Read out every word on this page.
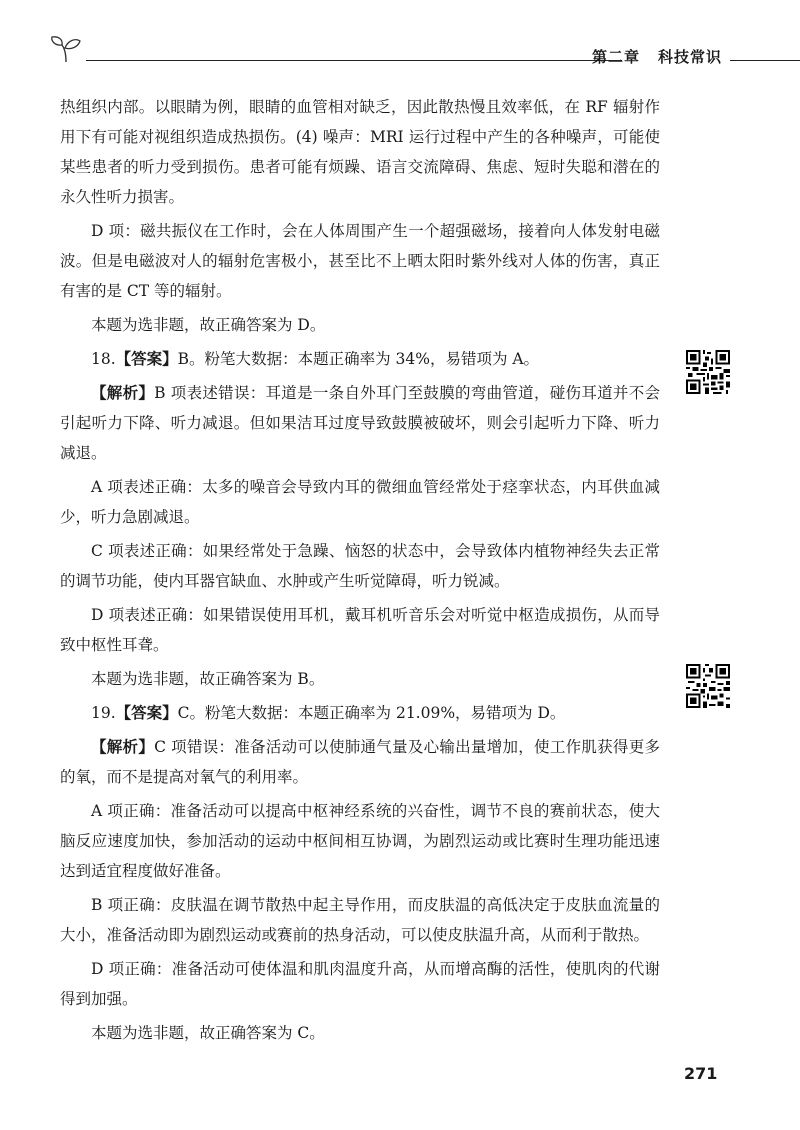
第二章 科技常识

热组织内部。以眼睛为例，眼睛的血管相对缺乏，因此散热慢且效率低，在 RF 辐射作用下有可能对视组织造成热损伤。(4) 噪声：MRI 运行过程中产生的各种噪声，可能使某些患者的听力受到损伤。患者可能有烦躁、语言交流障碍、焦虑、短时失聪和潜在的永久性听力损害。

D 项：磁共振仪在工作时，会在人体周围产生一个超强磁场，接着向人体发射电磁波。但是电磁波对人的辐射危害极小，甚至比不上晒太阳时紫外线对人体的伤害，真正有害的是 CT 等的辐射。

本题为选非题，故正确答案为 D。

18.【答案】B。粉笔大数据：本题正确率为 34%，易错项为 A。

【解析】B 项表述错误：耳道是一条自外耳门至鼓膜的弯曲管道，碰伤耳道并不会引起听力下降、听力减退。但如果洁耳过度导致鼓膜被破坏，则会引起听力下降、听力减退。

A 项表述正确：太多的噪音会导致内耳的微细血管经常处于痉挛状态，内耳供血减少，听力急剧减退。

C 项表述正确：如果经常处于急躁、恼怒的状态中，会导致体内植物神经失去正常的调节功能，使内耳器官缺血、水肿或产生听觉障碍，听力锐减。

D 项表述正确：如果错误使用耳机，戴耳机听音乐会对听觉中枢造成损伤，从而导致中枢性耳聋。

本题为选非题，故正确答案为 B。

19.【答案】C。粉笔大数据：本题正确率为 21.09%，易错项为 D。

【解析】C 项错误：准备活动可以使肺通气量及心输出量增加，使工作肌获得更多的氧，而不是提高对氧气的利用率。

A 项正确：准备活动可以提高中枢神经系统的兴奋性，调节不良的赛前状态，使大脑反应速度加快，参加活动的运动中枢间相互协调，为剧烈运动或比赛时生理功能迅速达到适宜程度做好准备。

B 项正确：皮肤温在调节散热中起主导作用，而皮肤温的高低决定于皮肤血流量的大小，准备活动即为剧烈运动或赛前的热身活动，可以使皮肤温升高，从而利于散热。

D 项正确：准备活动可使体温和肌肉温度升高，从而增高酶的活性，使肌肉的代谢得到加强。

本题为选非题，故正确答案为 C。

271
